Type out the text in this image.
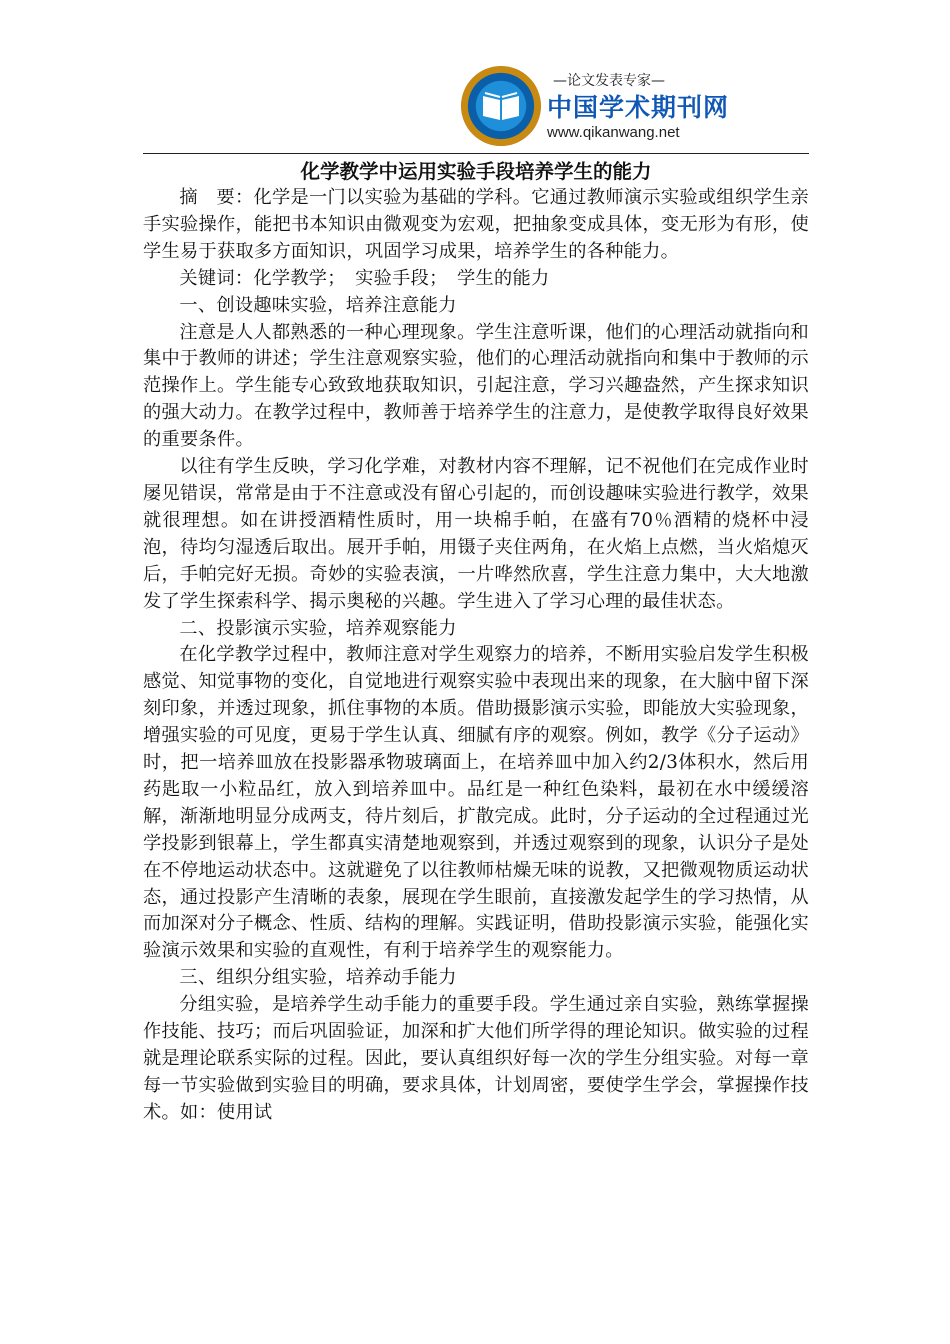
—论文发表专家—
中国学术期刊网
www.qikanwang.net
化学教学中运用实验手段培养学生的能力

摘　要：化学是一门以实验为基础的学科。它通过教师演示实验或组织学生亲手实验操作，能把书本知识由微观变为宏观，把抽象变成具体，变无形为有形，使学生易于获取多方面知识，巩固学习成果，培养学生的各种能力。

关键词：化学教学；　实验手段；　学生的能力

一、创设趣味实验，培养注意能力

注意是人人都熟悉的一种心理现象。学生注意听课，他们的心理活动就指向和集中于教师的讲述；学生注意观察实验，他们的心理活动就指向和集中于教师的示范操作上。学生能专心致致地获取知识，引起注意，学习兴趣盎然，产生探求知识的强大动力。在教学过程中，教师善于培养学生的注意力，是使教学取得良好效果的重要条件。

以往有学生反映，学习化学难，对教材内容不理解，记不祝他们在完成作业时屡见错误，常常是由于不注意或没有留心引起的，而创设趣味实验进行教学，效果就很理想。如在讲授酒精性质时，用一块棉手帕，在盛有70％酒精的烧杯中浸泡，待均匀湿透后取出。展开手帕，用镊子夹住两角，在火焰上点燃，当火焰熄灭后，手帕完好无损。奇妙的实验表演，一片哗然欣喜，学生注意力集中，大大地激发了学生探索科学、揭示奥秘的兴趣。学生进入了学习心理的最佳状态。

二、投影演示实验，培养观察能力

在化学教学过程中，教师注意对学生观察力的培养，不断用实验启发学生积极感觉、知觉事物的变化，自觉地进行观察实验中表现出来的现象，在大脑中留下深刻印象，并透过现象，抓住事物的本质。借助摄影演示实验，即能放大实验现象，增强实验的可见度，更易于学生认真、细腻有序的观察。例如，教学《分子运动》时，把一培养皿放在投影器承物玻璃面上，在培养皿中加入约2/3体积水，然后用药匙取一小粒品红，放入到培养皿中。品红是一种红色染料，最初在水中缓缓溶解，渐渐地明显分成两支，待片刻后，扩散完成。此时，分子运动的全过程通过光学投影到银幕上，学生都真实清楚地观察到，并透过观察到的现象，认识分子是处在不停地运动状态中。这就避免了以往教师枯燥无味的说教，又把微观物质运动状态，通过投影产生清晰的表象，展现在学生眼前，直接激发起学生的学习热情，从而加深对分子概念、性质、结构的理解。实践证明，借助投影演示实验，能强化实验演示效果和实验的直观性，有利于培养学生的观察能力。

三、组织分组实验，培养动手能力

分组实验，是培养学生动手能力的重要手段。学生通过亲自实验，熟练掌握操作技能、技巧；而后巩固验证，加深和扩大他们所学得的理论知识。做实验的过程就是理论联系实际的过程。因此，要认真组织好每一次的学生分组实验。对每一章每一节实验做到实验目的明确，要求具体，计划周密，要使学生学会，掌握操作技术。如：使用试
